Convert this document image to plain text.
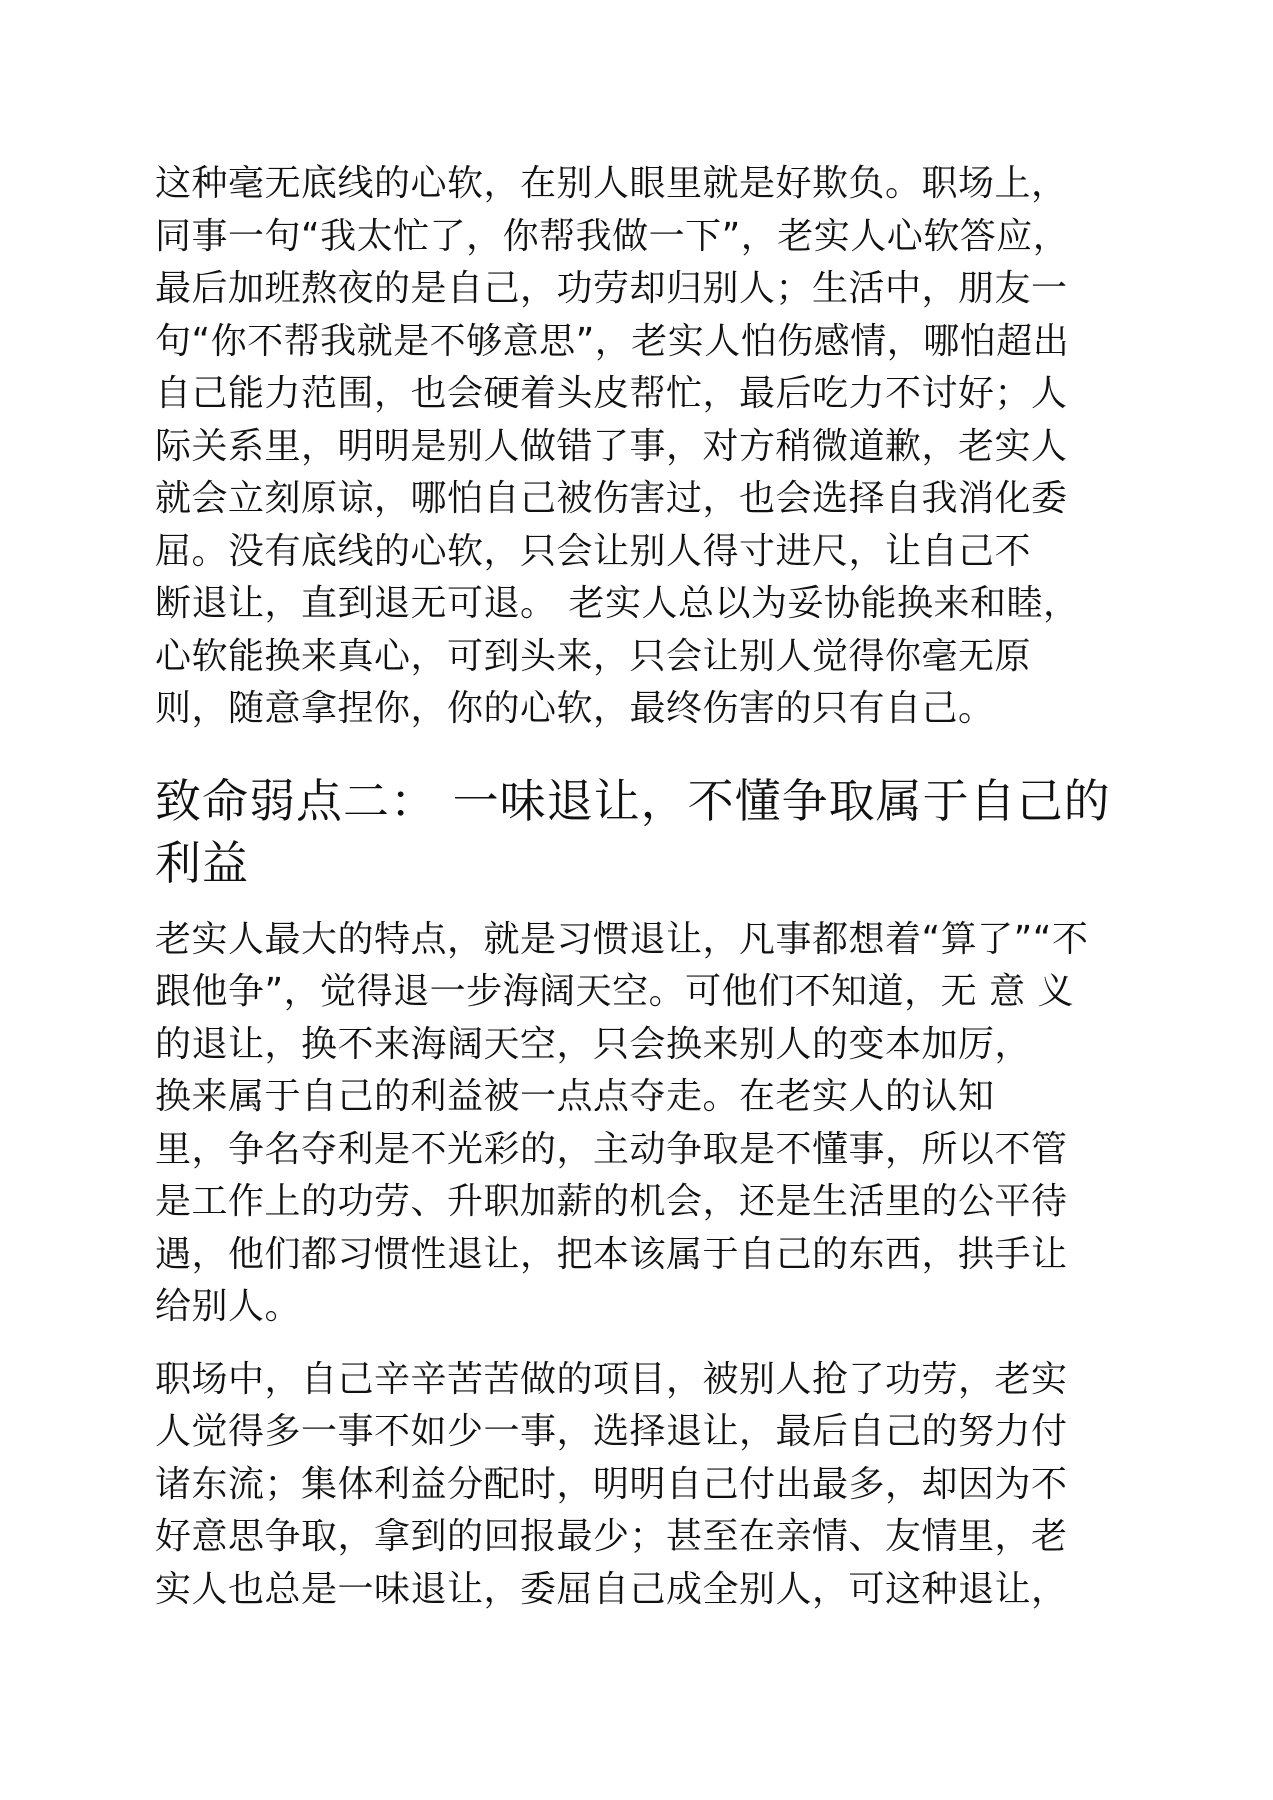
这种毫无底线的心软，在别人眼里就是好欺负。职场上，
同事一句“我太忙了，你帮我做一下”，老实人心软答应，
最后加班熬夜的是自己，功劳却归别人；生活中，朋友一
句“你不帮我就是不够意思”，老实人怕伤感情，哪怕超出
自己能力范围，也会硬着头皮帮忙，最后吃力不讨好；人
际关系里，明明是别人做错了事，对方稍微道歉，老实人
就会立刻原谅，哪怕自己被伤害过，也会选择自我消化委
屈。没有底线的心软，只会让别人得寸进尺，让自己不
断退让，直到退无可退。 老实人总以为妥协能换来和睦，
心软能换来真心，可到头来，只会让别人觉得你毫无原
则，随意拿捏你，你的心软，最终伤害的只有自己。

致命弱点二： 一味退让，不懂争取属于自己的
利益

老实人最大的特点，就是习惯退让，凡事都想着“算了”“不
跟他争”，觉得退一步海阔天空。可他们不知道，无 意 义
的退让，换不来海阔天空，只会换来别人的变本加厉，
换来属于自己的利益被一点点夺走。在老实人的认知
里，争名夺利是不光彩的，主动争取是不懂事，所以不管
是工作上的功劳、升职加薪的机会，还是生活里的公平待
遇，他们都习惯性退让，把本该属于自己的东西，拱手让
给别人。

职场中，自己辛辛苦苦做的项目，被别人抢了功劳，老实
人觉得多一事不如少一事，选择退让，最后自己的努力付
诸东流；集体利益分配时，明明自己付出最多，却因为不
好意思争取，拿到的回报最少；甚至在亲情、友情里，老
实人也总是一味退让，委屈自己成全别人，可这种退让，
